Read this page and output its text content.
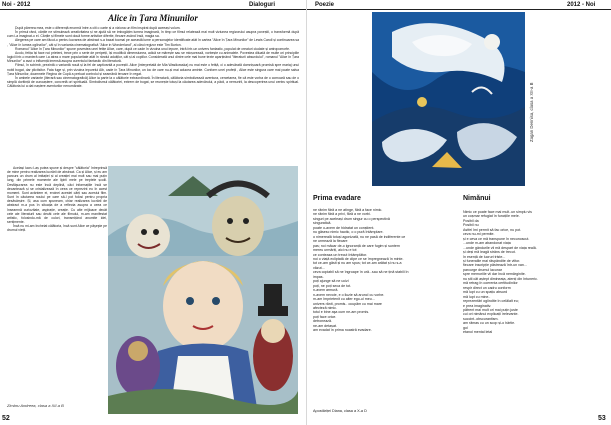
Noi - 2012	Dialoguri
Alice în Țara Minunilor

După părerea mea, este o diferență enormă între a citi o carte și a viziona un film inspirat după aceeași volum.

În primul rând, cărțile ne stimulează creativitatea și ne ajută să ne imbogățim lumea imaginară, în timp ce filmul relatează mai mult viziunea regizorului asupra poveștii, o transformă după cum i-a imaginat-o el. Cărțile și filmele sunt două forme artistice diferite, fiecare având însă, magia sa.

Alegerea pe care am făcut-o pentru lucrarea de abstract s-a bazat tocmai pe această lume a personajelor identificate atât în cartea "Alice în Țara Minunilor" de Lewis Caroll și continuarea sa , "Alice în lumea oglinzilor", cât și în varianta cinematografică "Alice in Wonderland", al cărui regizor este Tim Burton.

Romanul "Alice în Țara Minunilor" spune povestea unei fetițe Alice, care, după ce cade în vizuina unui iepure, intră într-un univers fantastic, populat de creaturi ciudate și antropomorfe.

Acolo, fetița își face noi prieteni, trece prin o serie de peripeții, își modifică dimensiunea, adică se mărește sau se micșorează, vorbește cu animalele. Povestea diluată de multe ori principiile logicii într-o manieră care i-a atras o mare popularitate atât în rândul adulților, cât și al copiilor. Considerată unul dintre cele mai bune texte aparținând "literaturii absurdului", romanul "Alice în Țara Minunilor" a avut o influență imensă asupra curentului fantastic din literatură.

Filmul, în schimb, prezintă o variantă nouă și la fel de captivantă a poveștii. Alice (interpretată de Mia Wasikowska) nu mai este o fetiță, ci o adevărată domnișoară promisă spre mariaj unui nobil bogat, dar plictisitor. Fata fuge și, prin vizuina iepurelui Alb, cade în Țara Minunilor, un loc de care nu-și mai aducea aminte. Conform unei profeții , Alice este singura care mai poate salva Țara Minunilor, doamnele Regina de Cupă a preluat controlul și seamănă teroare în regat.

În ambele variante (literară sau cinematografică) Alice ia parte la o călătorie extraordinară. În literatură, călătoria simbolizează aventura, cercetarea, fie că este vorba de o comoară sau de o simplă doritință de cunoaștere, concretă ori spirituală. Simbolismul călătoriei, extrem de bogat, se reunește totuși la căutarea adevărului, a păcii, a nemuririi, la descoperirea unui centru spiritual. Călătoria lui a dat naștere aventurilor nenumărate.

Același lucru l-aș putea spune și despre "călătoria" întreprinsă de mine pentru realizarea lucrării de abstract. Ca și Alice, și eu am parcurs un drum al imitației și al creației mai mult sau mai puțin lung, din primele momente ale lipirii mele pe treptele școlii. Desfăşurarea nu este încă deplină, căci informațiile încă se decantează și se cristalizează în ceea ce reprezint eu în acest moment. Sunt avântem ei, eroinei acestei cărți sau acestui film. Sunt în căutarea noului pe care să-l pot folosi pentru propria desăvârșire. Și, asa cum spuneam, chiar realizarea lucrării de abstract m-a pus în situația de a reflecta asupra a ceea ce înseamnă curiozitate, aspirație, creație. Cu alte mijloace decât cele ale literaturii sau decât cele ale filmului, m-am manifestat artistic, folosindu-mă de culori, transmițând anumite idei, sentimente.

Încă nu mi-am încheiat călătoria, încă sunt Alice ce păşeşte pe drumul vieții.

Zimbru Andreea, clasa a XII-a B
52
Poezie	2012 - Noi
Zagan Dennisa, clasa a XII-a B
Prima evadare
ne rănim fără a ne atinge, fără a face nimic.
ne rănim fără a privi, fără a ne vorbi.
singuri pe aceleași drum singur cu o perspectivă
singuratică.
poate o-avem de hidratat un conștient.
nu găsesc nimic haotic, o o pură întâmplare.
o nimereală totuși agonizată, nu ne pasă de indiferente ce
ne urmează la fiecare
pas; noi măcar de-o ignoranță de care fugim și suntem
mereu urmăriți, aici nu e tot
ce conteaza un trecut întâmplător.
noi o viață ecliptată de clipe ce se împregnează în minte.
tot ce-am găsit și nu am spus; tot ce-am arătat și nu s-a
văzut...
ceva copiabil să ne îngroape în ură...sau să ne țină stabili în
impas.
poți ajunge să ne ucizi
poți, ne poți seca de tot.
n-avem armură.
n-avem nevoie, e o iluzie să aruncî cu vorbe.
m-am împrietenit cu alter ego-ul meu...
univers rănit, promis.. ocupăm cu mai mare
afecteză nimic.
totul e bine aşa cum ne-am promis.
poți face orice.
detronează.
ne-am detașat.
am evadat în prima noastră evadare.
Apostăriței Diana, clasa a X-a D
Nimănui
Nimic ce poate face mai mult..un simplu vis
un coșmar refugiat în funcțiile mele.
Posibil da
Posibil nu
Astfel îmi permit să fac orice, nu pot.
ceva nu-mi permite.
și e ceva ce mă transpune în necunoscut.
...unde m-am abandonat viața
...unde gândurile vii mă despart de viața reală.
și deși mă leagă strâns de trecut.
în esență de lucruri triste...
și funeralile mai răspândite de viitor.
fiecare inscripție păstrează într-un van...
parcurge drumul lacunar
spre memoriile vii dar încă nemărginite.
nu știi căt aștept dimineața, atenți din întuneric.
mă retrag în coerenta certitudinilor
respir direct un cadru conform
mă lupt cu un spațiu absurd
mă lupt cu mine..
reprezentări oglindite în celălalt eu;
e prea imaginativ.
pătrent mai mult ori mai puțin juste
cui ori nimănui explicații irelevante.
succint..obscurantism.
am rămas cu un scop și-o hârtie.
gol
etanol mental letal
53
